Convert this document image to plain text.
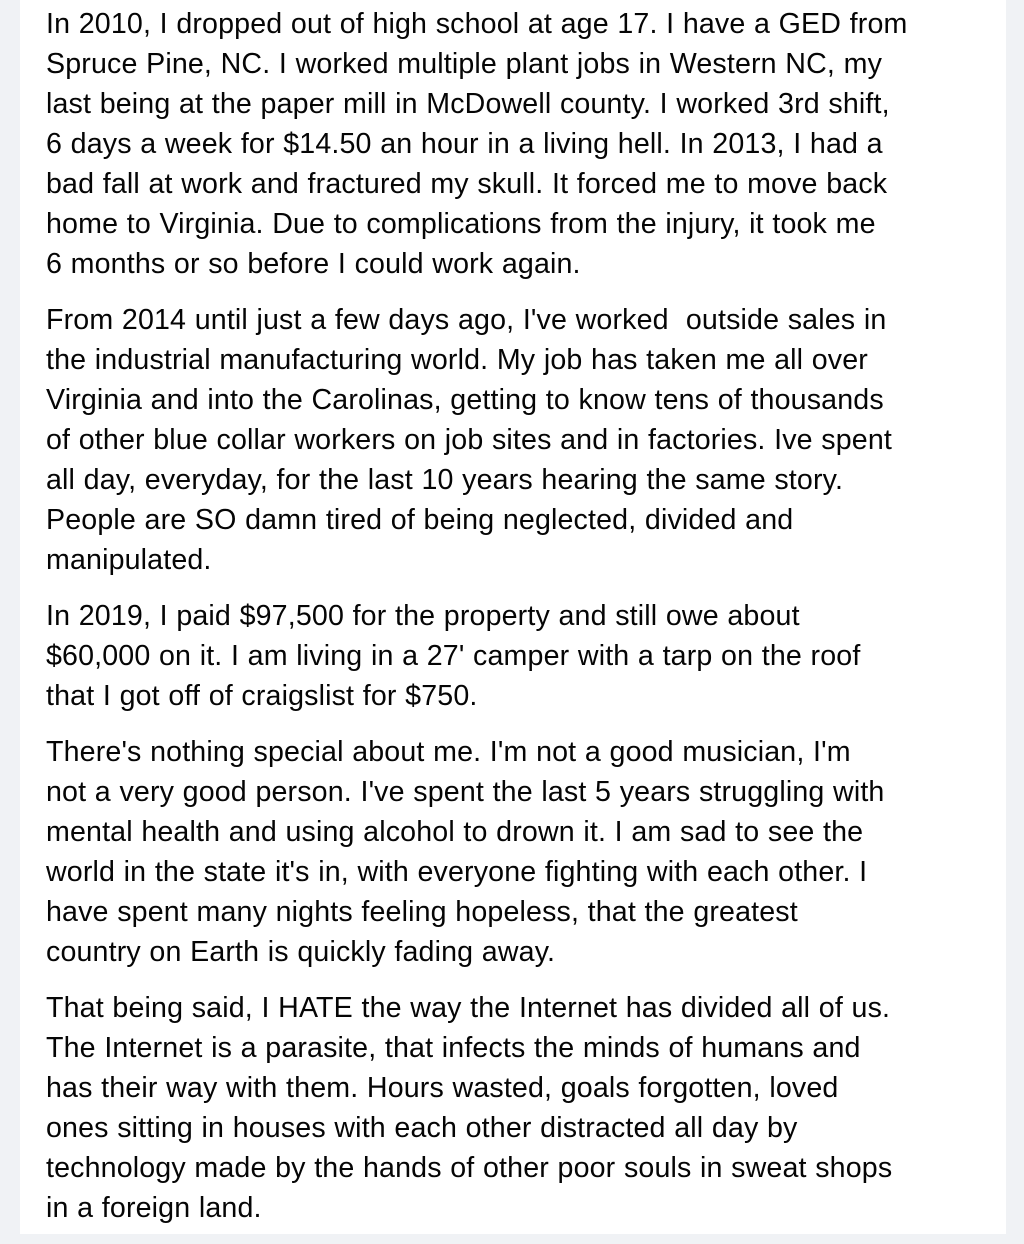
In 2010, I dropped out of high school at age 17. I have a GED from
Spruce Pine, NC. I worked multiple plant jobs in Western NC, my
last being at the paper mill in McDowell county. I worked 3rd shift,
6 days a week for $14.50 an hour in a living hell. In 2013, I had a
bad fall at work and fractured my skull. It forced me to move back
home to Virginia. Due to complications from the injury, it took me
6 months or so before I could work again.

From 2014 until just a few days ago, I've worked  outside sales in
the industrial manufacturing world. My job has taken me all over
Virginia and into the Carolinas, getting to know tens of thousands
of other blue collar workers on job sites and in factories. Ive spent
all day, everyday, for the last 10 years hearing the same story.
People are SO damn tired of being neglected, divided and
manipulated.

In 2019, I paid $97,500 for the property and still owe about
$60,000 on it. I am living in a 27' camper with a tarp on the roof
that I got off of craigslist for $750.

There's nothing special about me. I'm not a good musician, I'm
not a very good person. I've spent the last 5 years struggling with
mental health and using alcohol to drown it. I am sad to see the
world in the state it's in, with everyone fighting with each other. I
have spent many nights feeling hopeless, that the greatest
country on Earth is quickly fading away.

That being said, I HATE the way the Internet has divided all of us.
The Internet is a parasite, that infects the minds of humans and
has their way with them. Hours wasted, goals forgotten, loved
ones sitting in houses with each other distracted all day by
technology made by the hands of other poor souls in sweat shops
in a foreign land.
